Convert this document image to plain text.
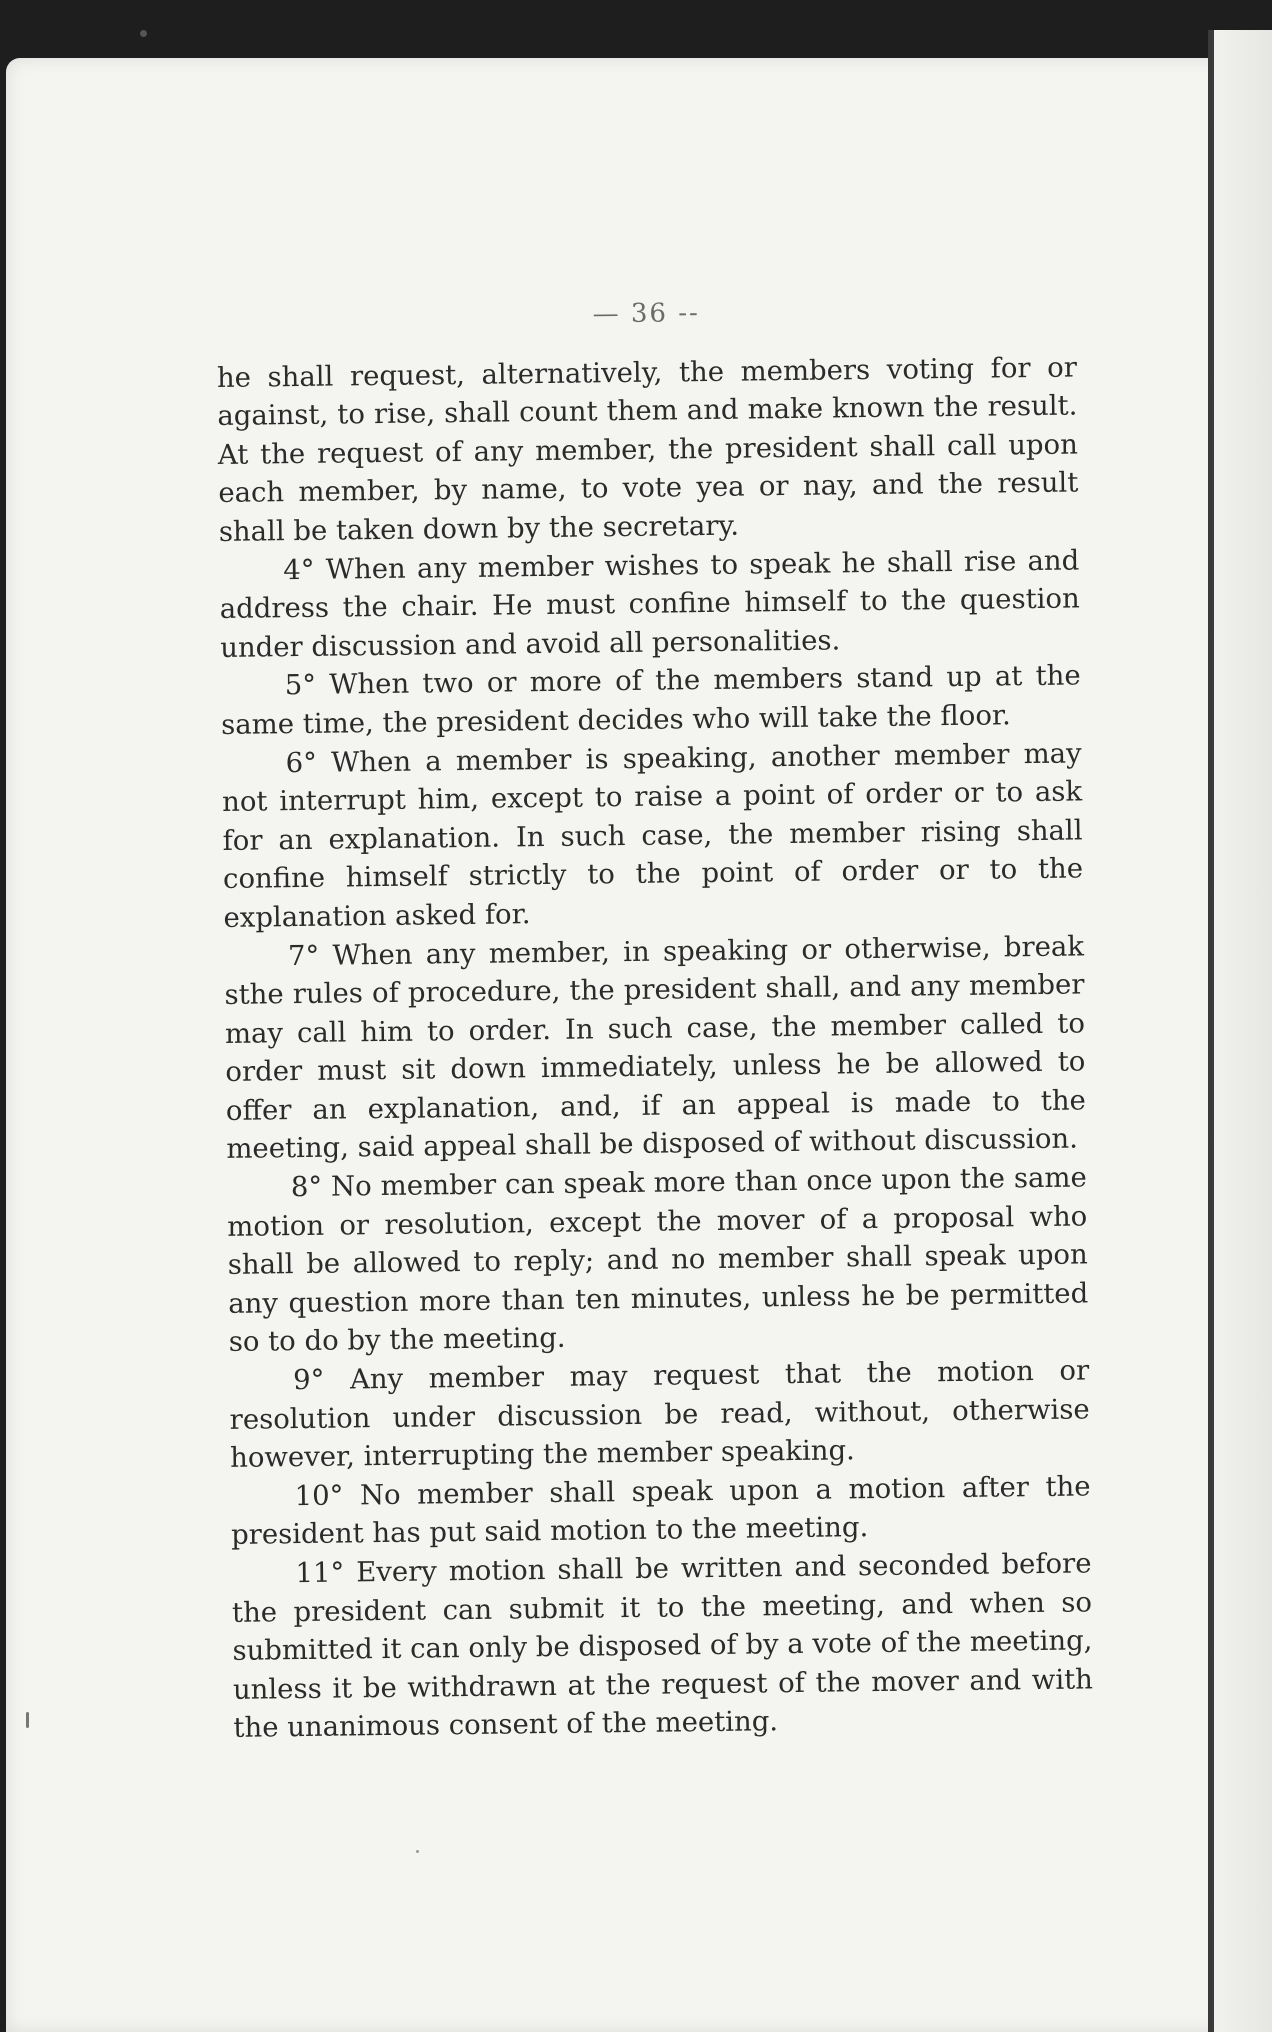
— 36 --

he shall request, alternatively, the members voting for or against, to rise, shall count them and make known the result. At the request of any member, the president shall call upon each member, by name, to vote yea or nay, and the result shall be taken down by the secretary.

4° When any member wishes to speak he shall rise and address the chair. He must confine himself to the question under discussion and avoid all personalities.

5° When two or more of the members stand up at the same time, the president decides who will take the floor.

6° When a member is speaking, another member may not interrupt him, except to raise a point of order or to ask for an explanation. In such case, the member rising shall confine himself strictly to the point of order or to the explanation asked for.

7° When any member, in speaking or otherwise, break sthe rules of procedure, the president shall, and any member may call him to order. In such case, the member called to order must sit down immediately, unless he be allowed to offer an explanation, and, if an appeal is made to the meeting, said appeal shall be disposed of without discussion.

8° No member can speak more than once upon the same motion or resolution, except the mover of a proposal who shall be allowed to reply; and no member shall speak upon any question more than ten minutes, unless he be permitted so to do by the meeting.

9° Any member may request that the motion or resolution under discussion be read, without, otherwise however, interrupting the member speaking.

10° No member shall speak upon a motion after the president has put said motion to the meeting.

11° Every motion shall be written and seconded before the president can submit it to the meeting, and when so submitted it can only be disposed of by a vote of the meeting, unless it be withdrawn at the request of the mover and with the unanimous consent of the meeting.
